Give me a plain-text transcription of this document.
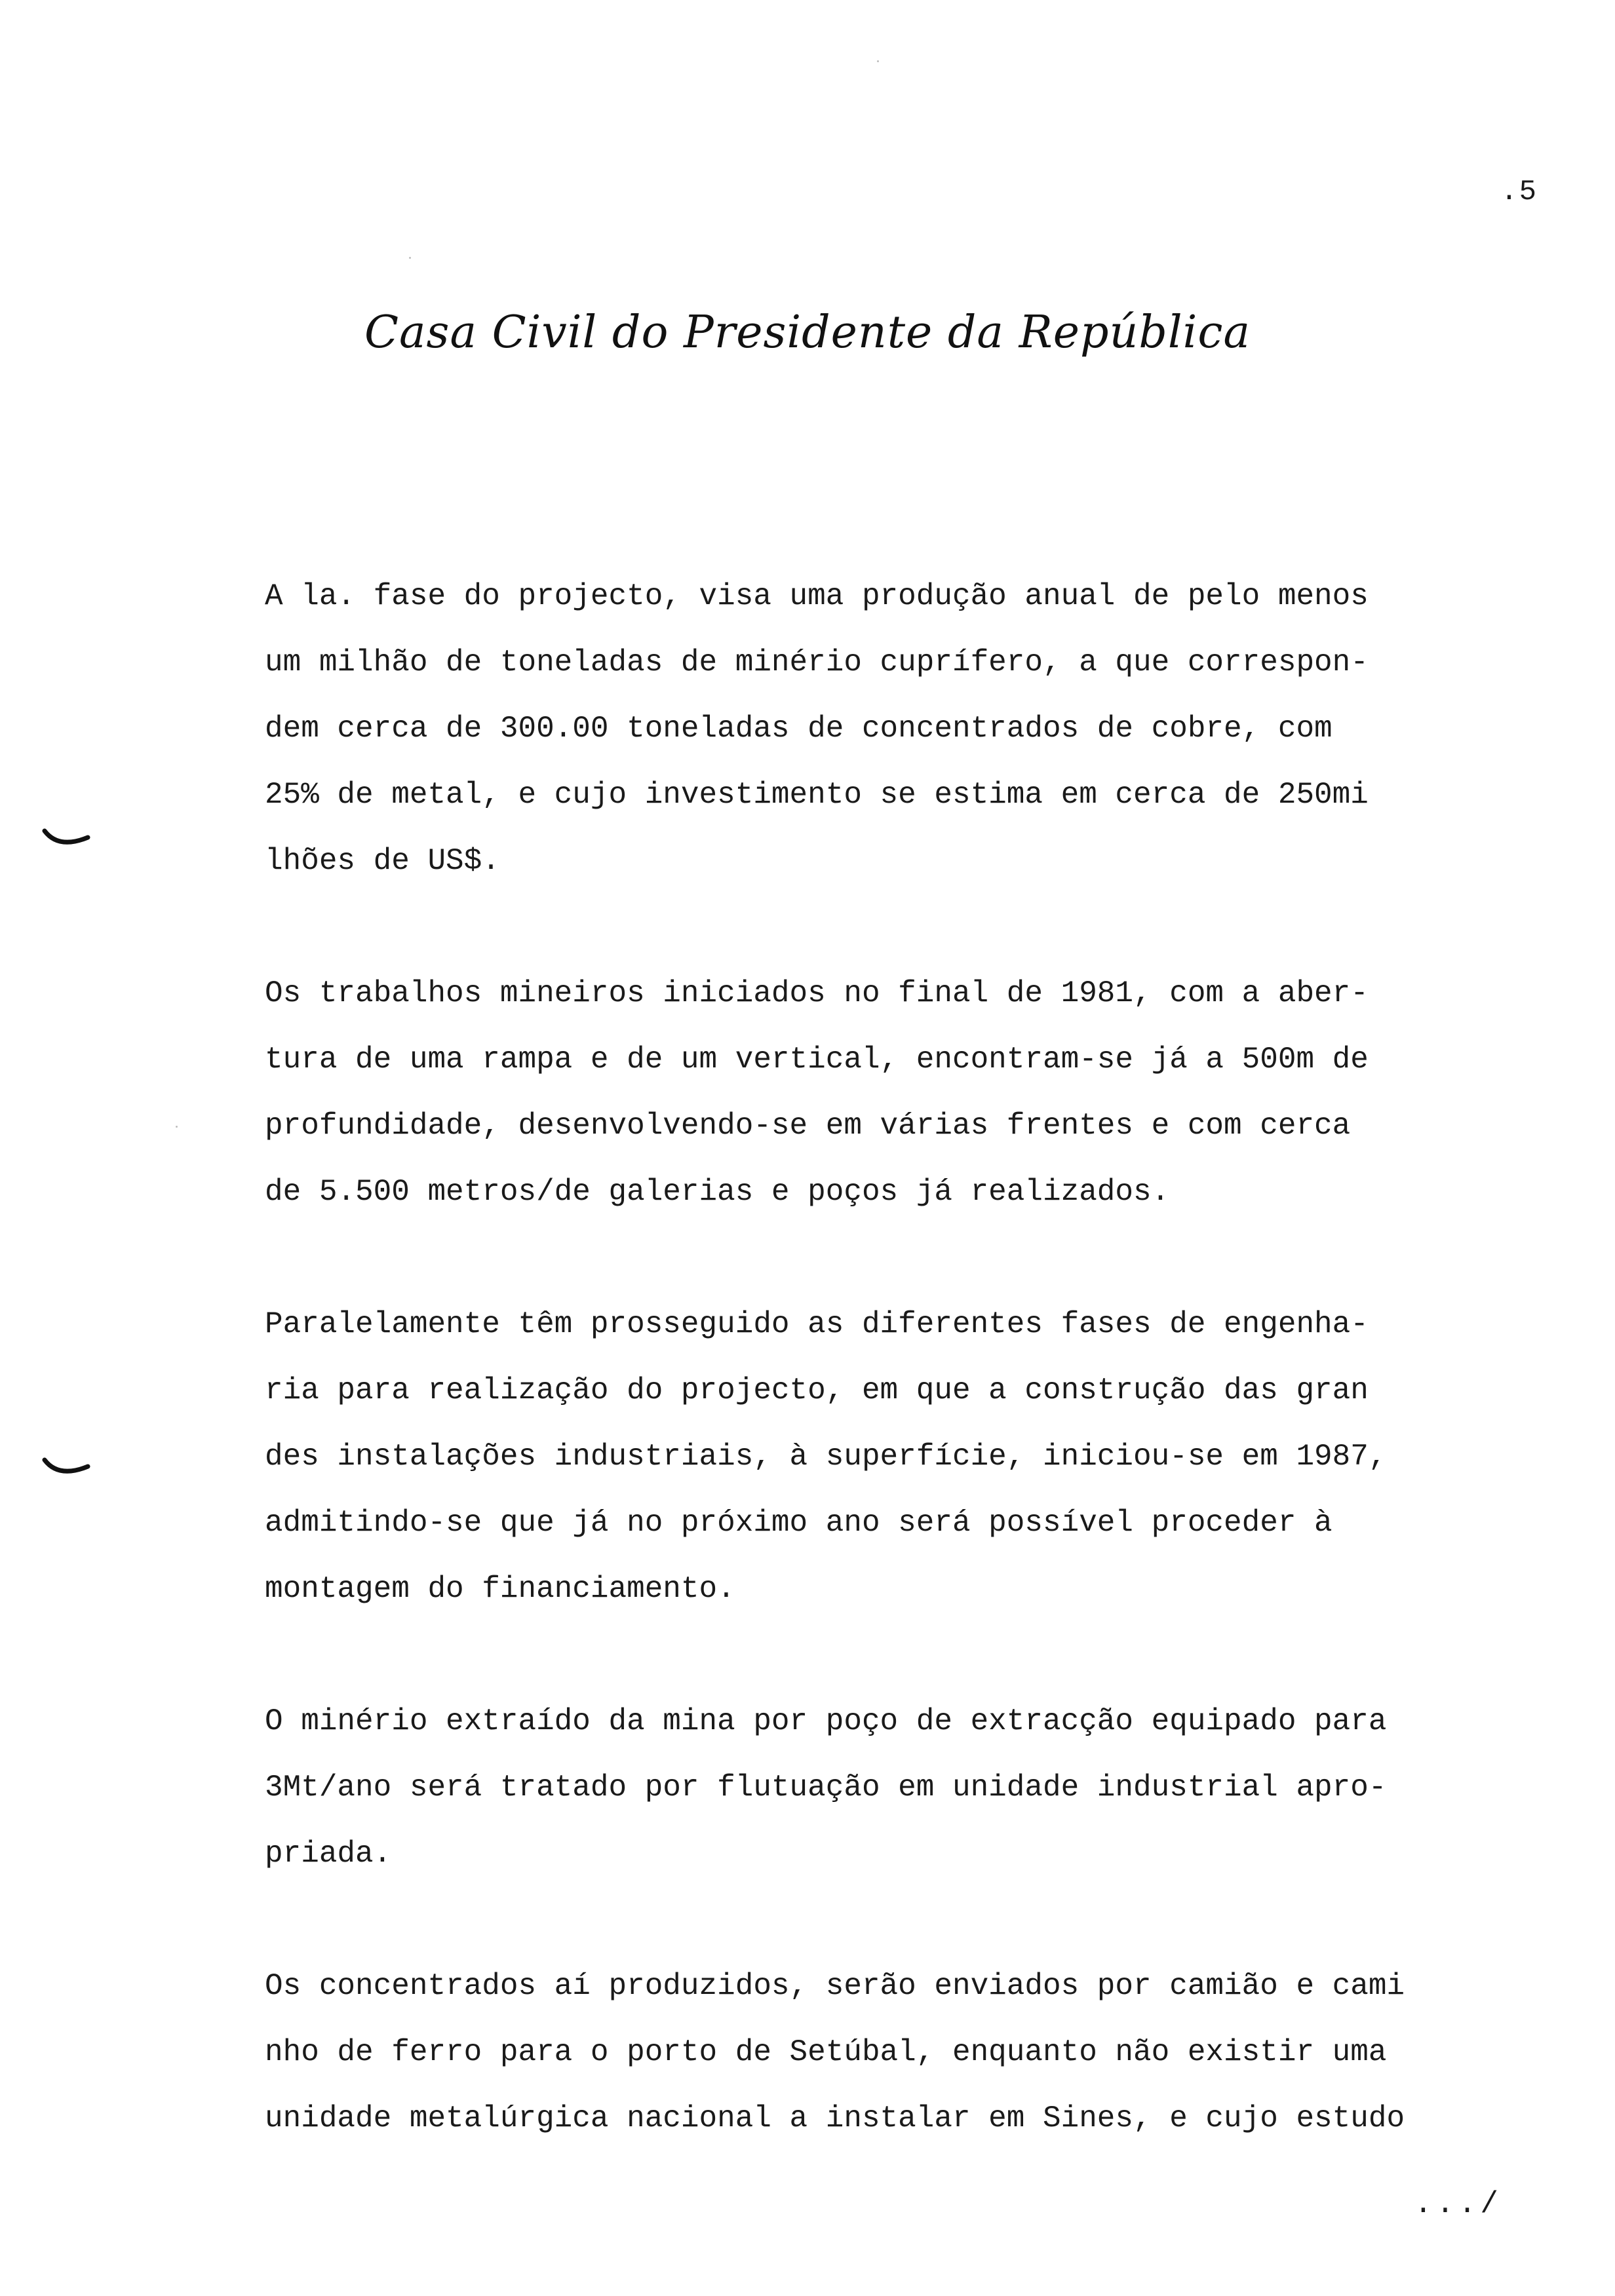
.5
Casa Civil do Presidente da República
A la. fase do projecto, visa uma produção anual de pelo menos
um milhão de toneladas de minério cuprífero, a que correspon-
dem cerca de 300.00 toneladas de concentrados de cobre, com
25% de metal, e cujo investimento se estima em cerca de 250mi
lhões de US$.
Os trabalhos mineiros iniciados no final de 1981, com a aber-
tura de uma rampa e de um vertical, encontram-se já a 500m de
profundidade, desenvolvendo-se em várias frentes e com cerca
de 5.500 metros/de galerias e poços já realizados.
Paralelamente têm prosseguido as diferentes fases de engenha-
ria para realização do projecto, em que a construção das gran
des instalações industriais, à superfície, iniciou-se em 1987,
admitindo-se que já no próximo ano será possível proceder à
montagem do financiamento.
O minério extraído da mina por poço de extracção equipado para
3Mt/ano será tratado por flutuação em unidade industrial apro-
priada.
Os concentrados aí produzidos, serão enviados por camião e cami
nho de ferro para o porto de Setúbal, enquanto não existir uma
unidade metalúrgica nacional a instalar em Sines, e cujo estudo
.../
